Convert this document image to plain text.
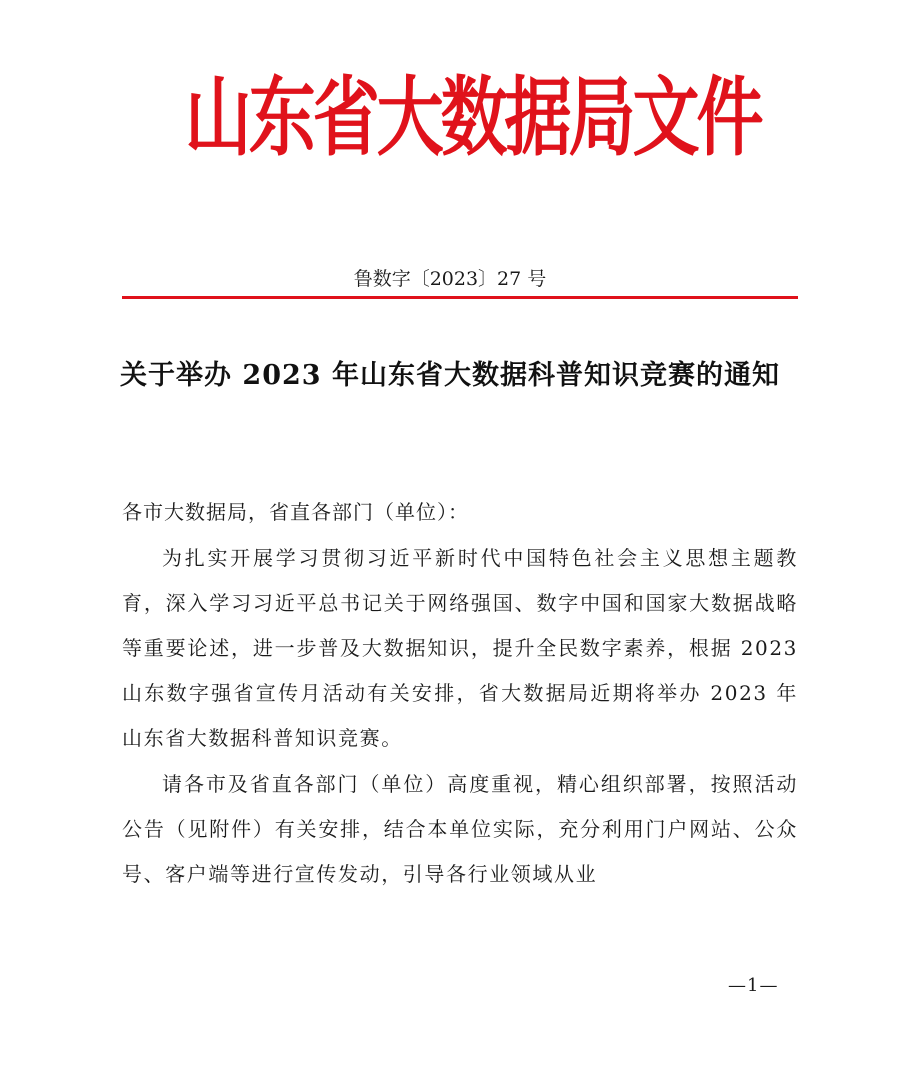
山东省大数据局文件
鲁数字〔2023〕27 号
关于举办 2023 年山东省大数据科普知识竞赛的通知
各市大数据局，省直各部门（单位）：
为扎实开展学习贯彻习近平新时代中国特色社会主义思想主题教育，深入学习习近平总书记关于网络强国、数字中国和国家大数据战略等重要论述，进一步普及大数据知识，提升全民数字素养，根据 2023 山东数字强省宣传月活动有关安排，省大数据局近期将举办 2023 年山东省大数据科普知识竞赛。
请各市及省直各部门（单位）高度重视，精心组织部署，按照活动公告（见附件）有关安排，结合本单位实际，充分利用门户网站、公众号、客户端等进行宣传发动，引导各行业领域从业
—1—
